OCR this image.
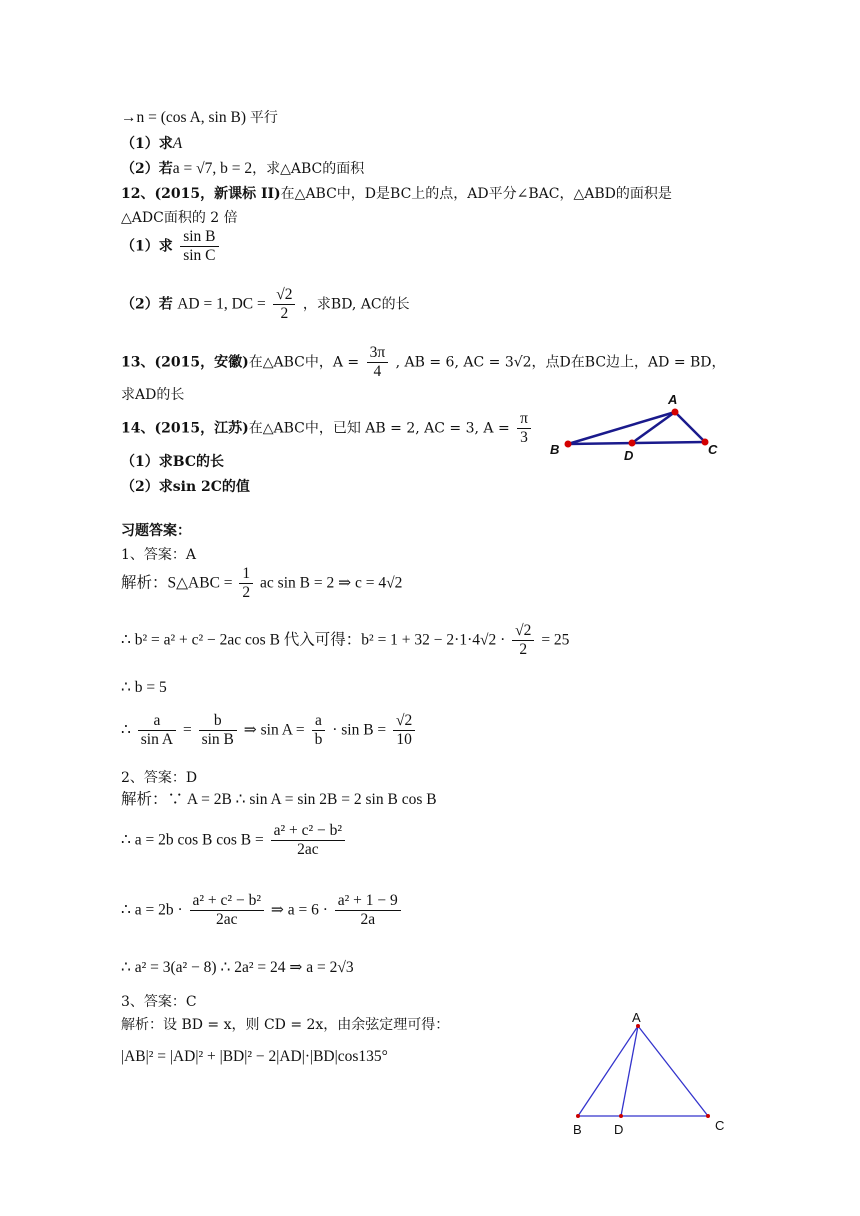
→n = (cos A, sin B) 平行
（1）求A
（2）若a = √7, b = 2，求△ABC的面积
12、(2015，新课标 II)在△ABC中，D是BC上的点，AD平分∠BAC，△ABD的面积是
△ADC面积的 2 倍
（1）求 $\frac{\text{sin B}}{\text{sin C}}$
（2）若 AD = 1, DC = $\frac{√2}{2}$ ，求BD, AC的长
13、(2015，安徽)在△ABC中，$A = \frac{3\pi}{4}$ , AB = 6, AC = 3√2，点D在BC边上，AD = BD，
求AD的长
14、(2015，江苏)在△ABC中，已知 AB = 2, AC = 3, $A = \frac{\pi}{3}$
（1）求BC的长
（2）求sin 2C的值
A
B	D	C
习题答案：
1、答案：A
解析：S△ABC = $\frac{1}{2}$ ac sin B = 2 ⇒ c = 4√2
∴ b² = a² + c² − 2ac cos B 代入可得：$b^2 = 1 + 32 - 2\cdot 1\cdot 4√2 \cdot \frac{√2}{2} = 25$
∴ b = 5
∴ $\frac{a}{\text{sin A}} = \frac{b}{\text{sin B}}$ ⇒ $\sin A = \frac{a}{b} \cdot \sin B = \frac{√2}{10}$
2、答案：D
解析：∵ A = 2B ∴ sin A = sin 2B = 2 sin B cos B
∴ a = 2b cos B $\cos B = \frac{\text{a² + c² − b²}}{2ac}$
∴ $a = 2b \cdot \frac{\text{a² + c² − b²}}{2ac}$ ⇒ $a = 6 \cdot \frac{\text{a² + 1 − 9}}{2a}$
∴ a² = 3(a² − 8) ∴ 2a² = 24 ⇒ a = 2√3
3、答案：C
解析：设 BD = x，则 CD = 2x，由余弦定理可得：
|AB|² = |AD|² + |BD|² − 2|AD|·|BD|cos135°
A
B D	C
